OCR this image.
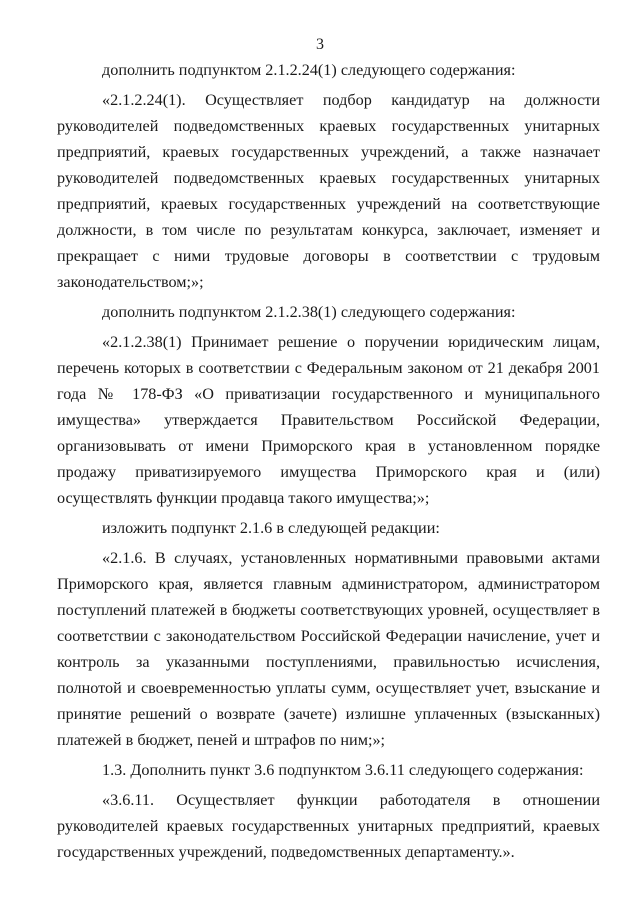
3

дополнить подпунктом 2.1.2.24(1) следующего содержания:

«2.1.2.24(1). Осуществляет подбор кандидатур на должности руководителей подведомственных краевых государственных унитарных предприятий, краевых государственных учреждений, а также назначает руководителей подведомственных краевых государственных унитарных предприятий, краевых государственных учреждений на соответствующие должности, в том числе по результатам конкурса, заключает, изменяет и прекращает с ними трудовые договоры в соответствии с трудовым законодательством;»;

дополнить подпунктом 2.1.2.38(1) следующего содержания:

«2.1.2.38(1) Принимает решение о поручении юридическим лицам, перечень которых в соответствии с Федеральным законом от 21 декабря 2001 года № 178-ФЗ «О приватизации государственного и муниципального имущества» утверждается Правительством Российской Федерации, организовывать от имени Приморского края в установленном порядке продажу приватизируемого имущества Приморского края и (или) осуществлять функции продавца такого имущества;»;

изложить подпункт 2.1.6 в следующей редакции:

«2.1.6. В случаях, установленных нормативными правовыми актами Приморского края, является главным администратором, администратором поступлений платежей в бюджеты соответствующих уровней, осуществляет в соответствии с законодательством Российской Федерации начисление, учет и контроль за указанными поступлениями, правильностью исчисления, полнотой и своевременностью уплаты сумм, осуществляет учет, взыскание и принятие решений о возврате (зачете) излишне уплаченных (взысканных) платежей в бюджет, пеней и штрафов по ним;»;

1.3. Дополнить пункт 3.6 подпунктом 3.6.11 следующего содержания:

«3.6.11. Осуществляет функции работодателя в отношении руководителей краевых государственных унитарных предприятий, краевых государственных учреждений, подведомственных департаменту.».
